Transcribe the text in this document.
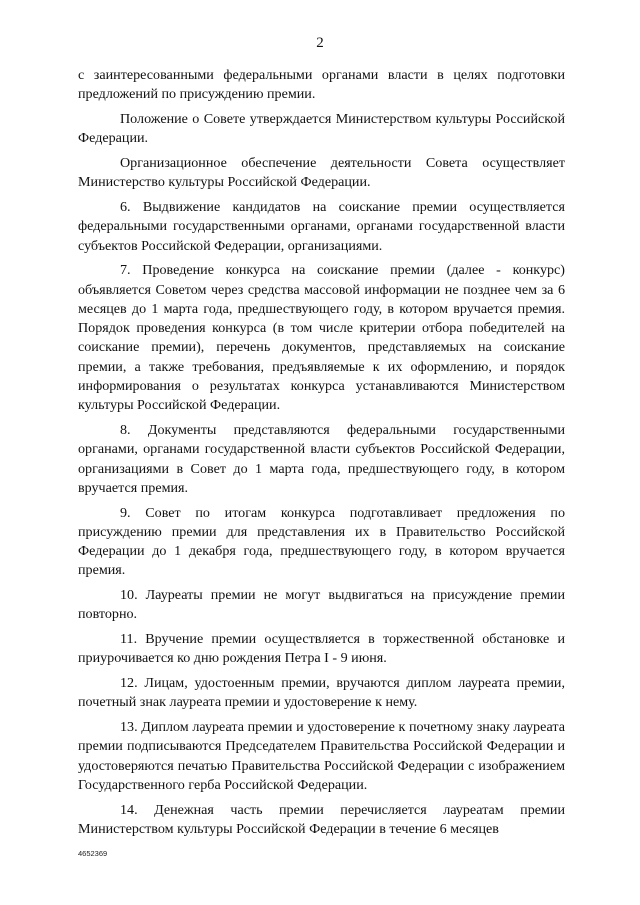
2

с заинтересованными федеральными органами власти в целях подготовки предложений по присуждению премии.

Положение о Совете утверждается Министерством культуры Российской Федерации.

Организационное обеспечение деятельности Совета осуществляет Министерство культуры Российской Федерации.

6. Выдвижение кандидатов на соискание премии осуществляется федеральными государственными органами, органами государственной власти субъектов Российской Федерации, организациями.

7. Проведение конкурса на соискание премии (далее - конкурс) объявляется Советом через средства массовой информации не позднее чем за 6 месяцев до 1 марта года, предшествующего году, в котором вручается премия. Порядок проведения конкурса (в том числе критерии отбора победителей на соискание премии), перечень документов, представляемых на соискание премии, а также требования, предъявляемые к их оформлению, и порядок информирования о результатах конкурса устанавливаются Министерством культуры Российской Федерации.

8. Документы представляются федеральными государственными органами, органами государственной власти субъектов Российской Федерации, организациями в Совет до 1 марта года, предшествующего году, в котором вручается премия.

9. Совет по итогам конкурса подготавливает предложения по присуждению премии для представления их в Правительство Российской Федерации до 1 декабря года, предшествующего году, в котором вручается премия.

10. Лауреаты премии не могут выдвигаться на присуждение премии повторно.

11. Вручение премии осуществляется в торжественной обстановке и приурочивается ко дню рождения Петра I - 9 июня.

12. Лицам, удостоенным премии, вручаются диплом лауреата премии, почетный знак лауреата премии и удостоверение к нему.

13. Диплом лауреата премии и удостоверение к почетному знаку лауреата премии подписываются Председателем Правительства Российской Федерации и удостоверяются печатью Правительства Российской Федерации с изображением Государственного герба Российской Федерации.

14. Денежная часть премии перечисляется лауреатам премии Министерством культуры Российской Федерации в течение 6 месяцев

4652369
